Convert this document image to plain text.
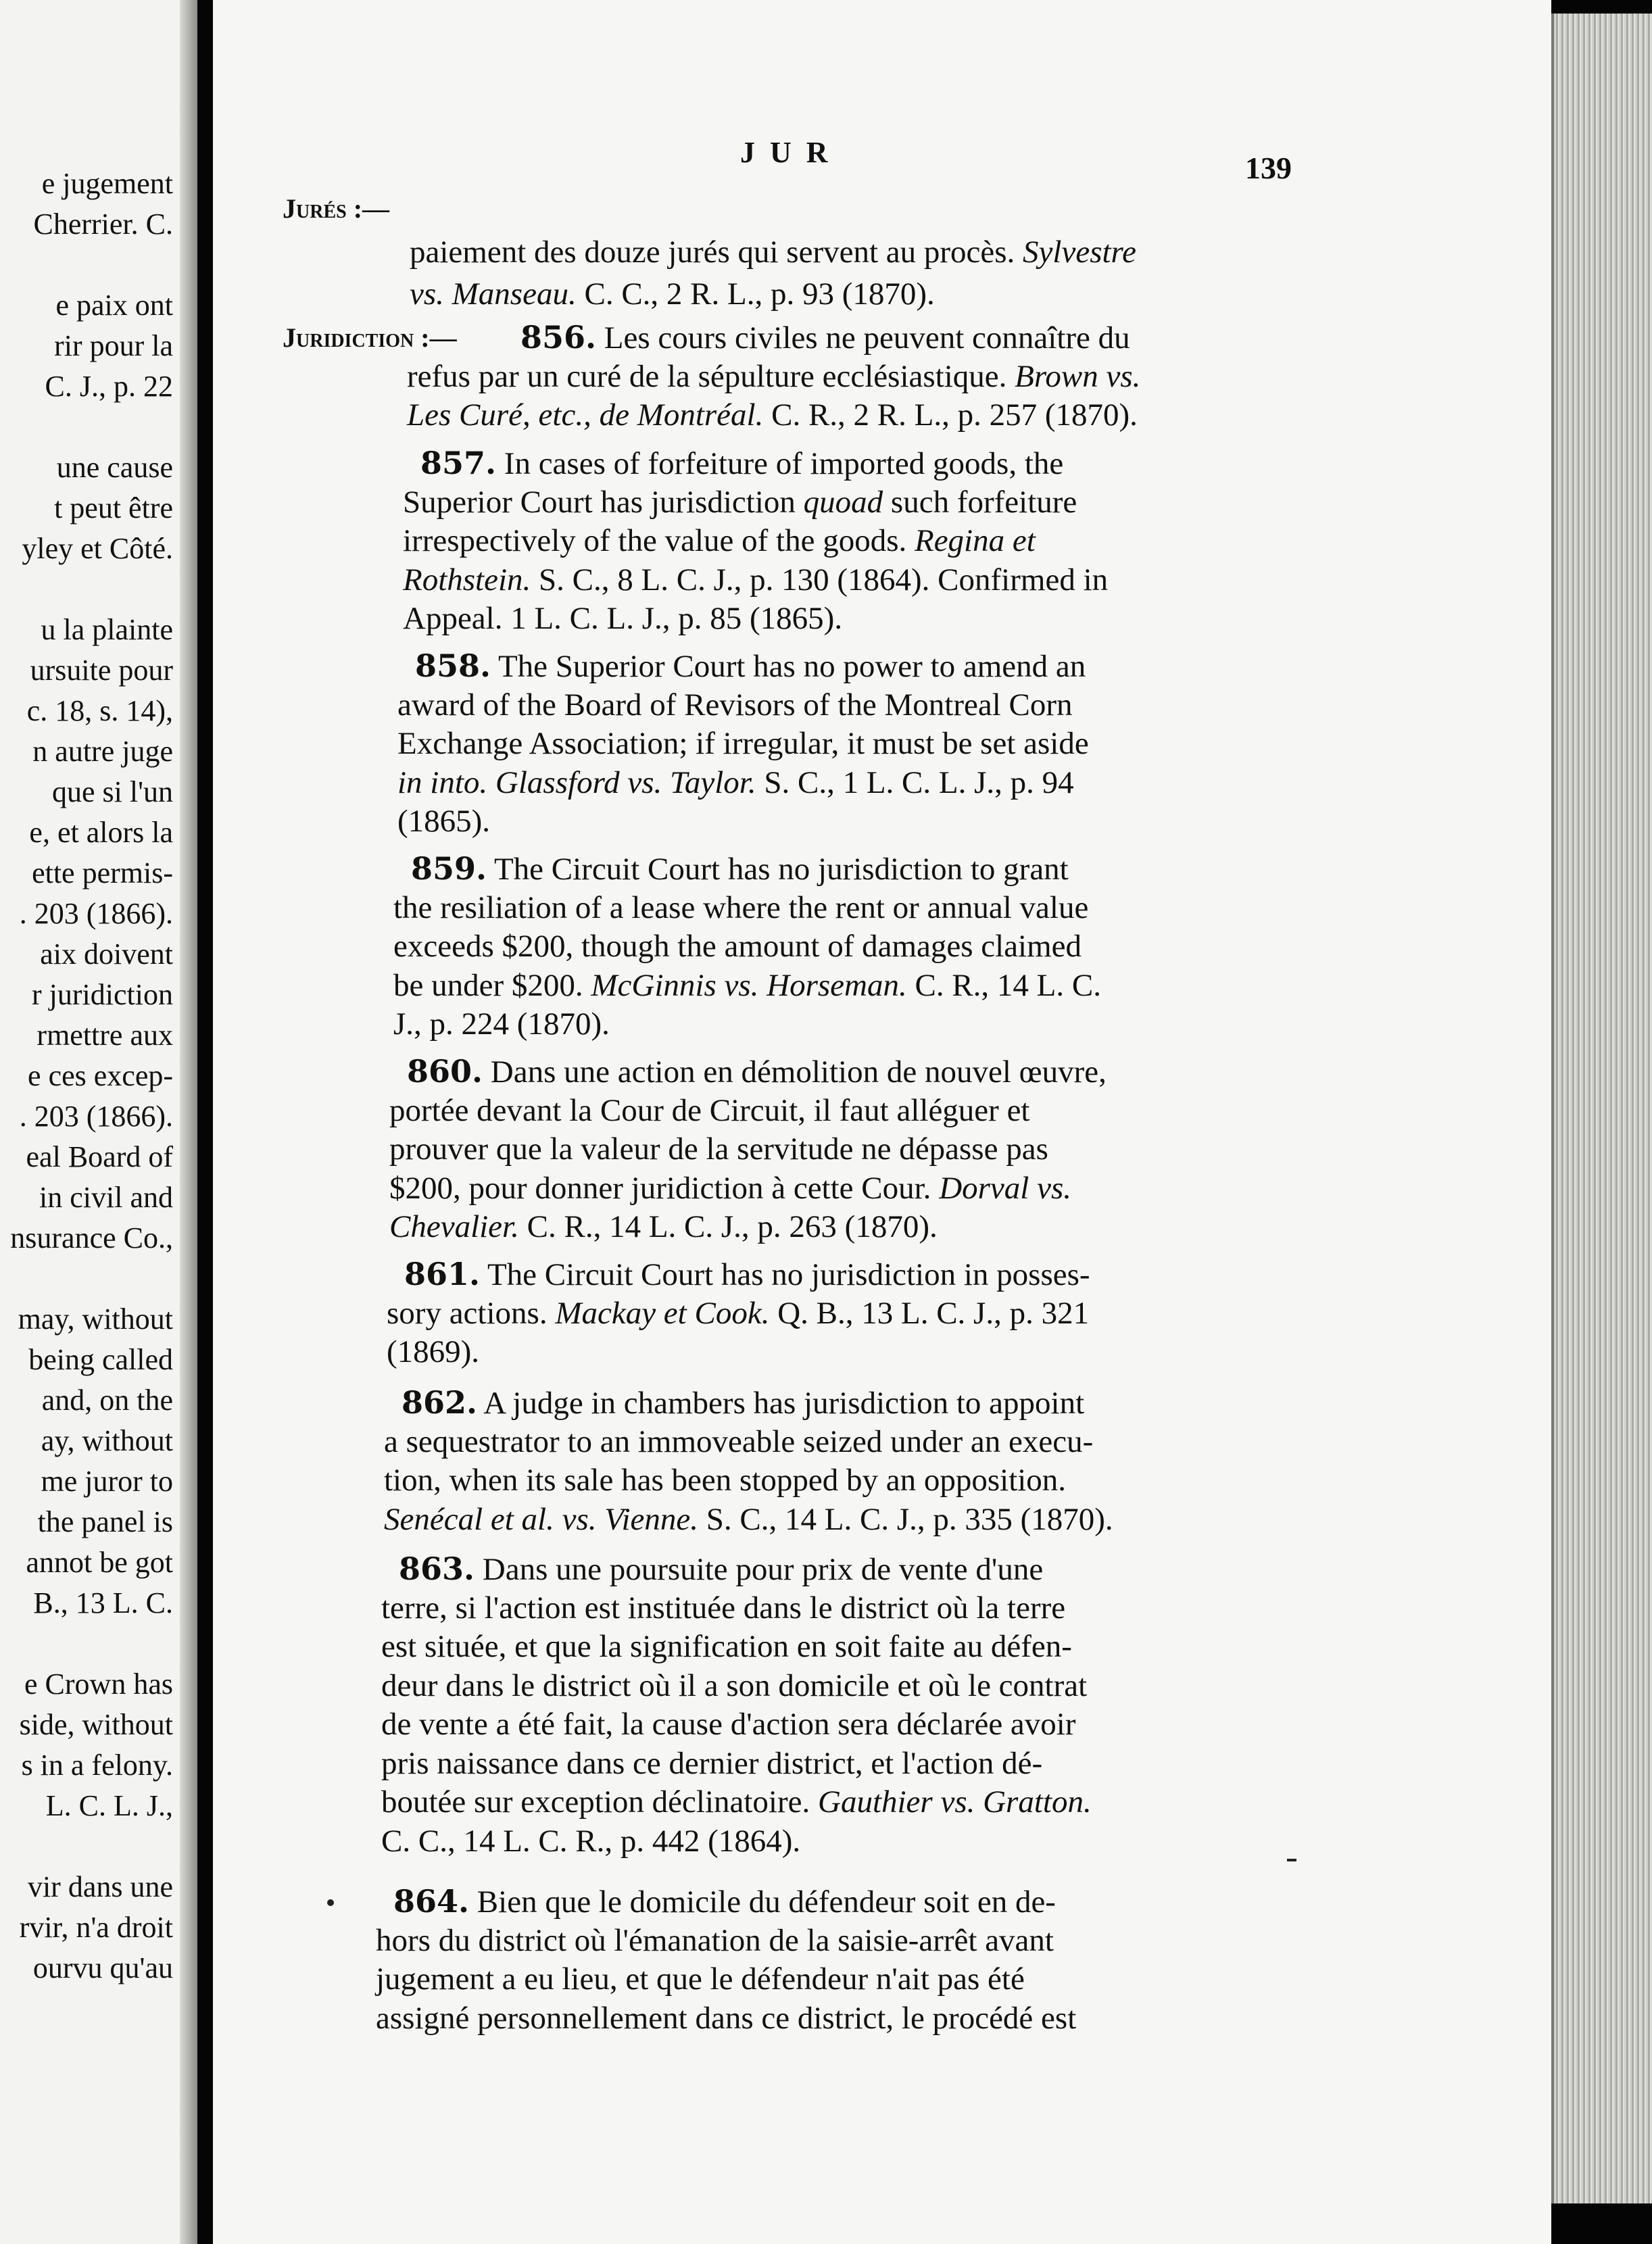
e jugement
Cherrier. C.
e paix ont
rir pour la
C. J., p. 22
une cause
t peut être
yley et Côté.
u la plainte
ursuite pour
c. 18, s. 14),
n autre juge
que si l'un
e, et alors la
ette permis-
. 203 (1866).
aix doivent
r juridiction
rmettre aux
e ces excep-
. 203 (1866).
eal Board of
in civil and
nsurance Co.,
may, without
being called
and, on the
ay, without
me juror to
the panel is
annot be got
B., 13 L. C.
e Crown has
side, without
s in a felony.
L. C. L. J.,
vir dans une
rvir, n'a droit
ourvu qu'au
JUR	139
Jurés :—
paiement des douze jurés qui servent au procès. Sylvestre
vs. Manseau. C. C., 2 R. L., p. 93 (1870).
Juridiction :— 856. Les cours civiles ne peuvent connaître du
refus par un curé de la sépulture ecclésiastique. Brown vs.
Les Curé, etc., de Montréal. C. R., 2 R. L., p. 257 (1870).
857. In cases of forfeiture of imported goods, the
Superior Court has jurisdiction quoad such forfeiture
irrespectively of the value of the goods. Regina et
Rothstein. S. C., 8 L. C. J., p. 130 (1864). Confirmed in
Appeal. 1 L. C. L. J., p. 85 (1865).
858. The Superior Court has no power to amend an
award of the Board of Revisors of the Montreal Corn
Exchange Association; if irregular, it must be set aside
in into. Glassford vs. Taylor. S. C., 1 L. C. L. J., p. 94
(1865).
859. The Circuit Court has no jurisdiction to grant
the resiliation of a lease where the rent or annual value
exceeds $200, though the amount of damages claimed
be under $200. McGinnis vs. Horseman. C. R., 14 L. C.
J., p. 224 (1870).
860. Dans une action en démolition de nouvel œuvre,
portée devant la Cour de Circuit, il faut alléguer et
prouver que la valeur de la servitude ne dépasse pas
$200, pour donner juridiction à cette Cour. Dorval vs.
Chevalier. C. R., 14 L. C. J., p. 263 (1870).
861. The Circuit Court has no jurisdiction in posses-
sory actions. Mackay et Cook. Q. B., 13 L. C. J., p. 321
(1869).
862. A judge in chambers has jurisdiction to appoint
a sequestrator to an immoveable seized under an execu-
tion, when its sale has been stopped by an opposition.
Senécal et al. vs. Vienne. S. C., 14 L. C. J., p. 335 (1870).
863. Dans une poursuite pour prix de vente d'une
terre, si l'action est instituée dans le district où la terre
est située, et que la signification en soit faite au défen-
deur dans le district où il a son domicile et où le contrat
de vente a été fait, la cause d'action sera déclarée avoir
pris naissance dans ce dernier district, et l'action dé-
boutée sur exception déclinatoire. Gauthier vs. Gratton.
C. C., 14 L. C. R., p. 442 (1864).
864. Bien que le domicile du défendeur soit en de-
hors du district où l'émanation de la saisie-arrêt avant
jugement a eu lieu, et que le défendeur n'ait pas été
assigné personnellement dans ce district, le procédé est
